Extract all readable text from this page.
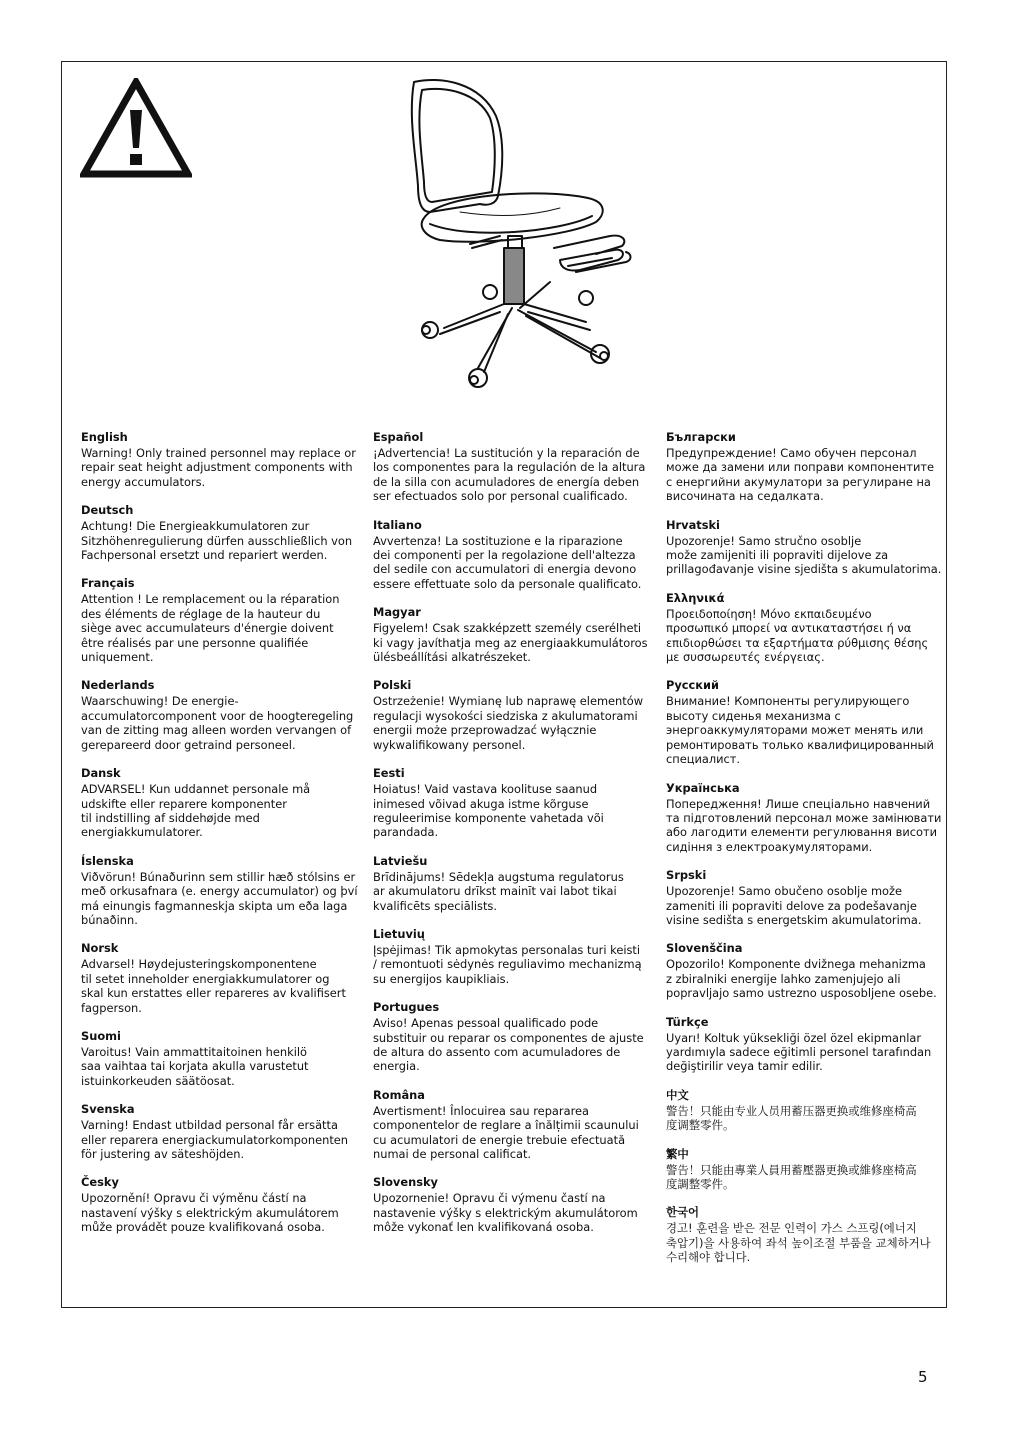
English
Warning! Only trained personnel may replace or
repair seat height adjustment components with
energy accumulators.
Deutsch
Achtung! Die Energieakkumulatoren zur
Sitzhöhenregulierung dürfen ausschließlich von
Fachpersonal ersetzt und repariert werden.
Français
Attention ! Le remplacement ou la réparation
des éléments de réglage de la hauteur du
siège avec accumulateurs d'énergie doivent
être réalisés par une personne qualifiée
uniquement.
Nederlands
Waarschuwing! De energie-
accumulatorcomponent voor de hoogteregeling
van de zitting mag alleen worden vervangen of
gerepareerd door getraind personeel.
Dansk
ADVARSEL! Kun uddannet personale må
udskifte eller reparere komponenter
til indstilling af siddehøjde med
energiakkumulatorer.
Íslenska
Viðvörun! Búnaðurinn sem stillir hæð stólsins er
með orkusafnara (e. energy accumulator) og því
má einungis fagmanneskja skipta um eða laga
búnaðinn.
Norsk
Advarsel! Høydejusteringskomponentene
til setet inneholder energiakkumulatorer og
skal kun erstattes eller repareres av kvalifisert
fagperson.
Suomi
Varoitus! Vain ammattitaitoinen henkilö
saa vaihtaa tai korjata akulla varustetut
istuinkorkeuden säätöosat.
Svenska
Varning! Endast utbildad personal får ersätta
eller reparera energiackumulatorkomponenten
för justering av säteshöjden.
Česky
Upozornění! Opravu či výměnu částí na
nastavení výšky s elektrickým akumulátorem
může provádět pouze kvalifikovaná osoba.
Español
¡Advertencia! La sustitución y la reparación de
los componentes para la regulación de la altura
de la silla con acumuladores de energía deben
ser efectuados solo por personal cualificado.
Italiano
Avvertenza! La sostituzione e la riparazione
dei componenti per la regolazione dell'altezza
del sedile con accumulatori di energia devono
essere effettuate solo da personale qualificato.
Magyar
Figyelem! Csak szakképzett személy cserélheti
ki vagy javíthatja meg az energiaakkumulátoros
ülésbeállítási alkatrészeket.
Polski
Ostrzeżenie! Wymianę lub naprawę elementów
regulacji wysokości siedziska z akulumatorami
energii może przeprowadzać wyłącznie
wykwalifikowany personel.
Eesti
Hoiatus! Vaid vastava koolituse saanud
inimesed võivad akuga istme kõrguse
reguleerimise komponente vahetada või
parandada.
Latviešu
Brīdinājums! Sēdekļa augstuma regulatorus
ar akumulatoru drīkst mainīt vai labot tikai
kvalificēts speciālists.
Lietuvių
Įspėjimas! Tik apmokytas personalas turi keisti
/ remontuoti sėdynės reguliavimo mechanizmą
su energijos kaupikliais.
Portugues
Aviso! Apenas pessoal qualificado pode
substituir ou reparar os componentes de ajuste
de altura do assento com acumuladores de
energia.
Româna
Avertisment! Înlocuirea sau repararea
componentelor de reglare a înălțimii scaunului
cu acumulatori de energie trebuie efectuată
numai de personal calificat.
Slovensky
Upozornenie! Opravu či výmenu častí na
nastavenie výšky s elektrickým akumulátorom
môže vykonať len kvalifikovaná osoba.
Български
Предупреждение! Само обучен персонал
може да замени или поправи компонентите
с енергийни акумулатори за регулиране на
височината на седалката.
Hrvatski
Upozorenje! Samo stručno osoblje
može zamijeniti ili popraviti dijelove za
prillagođavanje visine sjedišta s akumulatorima.
Ελληνικά
Προειδοποίηση! Μόνο εκπαιδευμένο
προσωπικό μπορεί να αντικαταστήσει ή να
επιδιορθώσει τα εξαρτήματα ρύθμισης θέσης
με συσσωρευτές ενέργειας.
Русский
Внимание! Компоненты регулирующего
высоту сиденья механизма с
энергоаккумуляторами может менять или
ремонтировать только квалифицированный
специалист.
Українська
Попередження! Лише спеціально навчений
та підготовлений персонал може замінювати
або лагодити елементи регулювання висоти
сидіння з електроакумуляторами.
Srpski
Upozorenje! Samo obučeno osoblje može
zameniti ili popraviti delove za podešavanje
visine sedišta s energetskim akumulatorima.
Slovenščina
Opozorilo! Komponente dvižnega mehanizma
z zbiralniki energije lahko zamenjujejo ali
popravljajo samo ustrezno usposobljene osebe.
Türkçe
Uyarı! Koltuk yüksekliği özel özel ekipmanlar
yardımıyla sadece eğitimli personel tarafından
değiştirilir veya tamir edilir.
中文
警告！只能由专业人员用蓄压器更换或维修座椅高
度调整零件。
繁中
警告！只能由專業人員用蓄壓器更換或維修座椅高
度調整零件。
한국어
경고! 훈련을 받은 전문 인력이 가스 스프링(에너지
축압기)을 사용하여 좌석 높이조절 부품을 교체하거나
수리해야 합니다.
5
